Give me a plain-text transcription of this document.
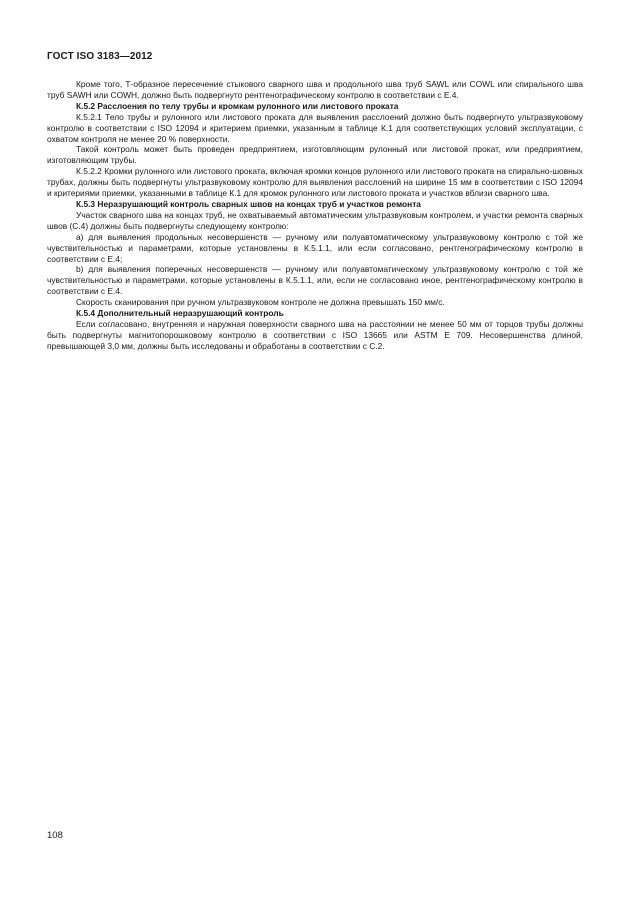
ГОСТ ISO 3183—2012

Кроме того, Т-образное пересечение стыкового сварного шва и продольного шва труб SAWL или COWL или спирального шва труб SAWH или COWH, должно быть подвергнуто рентгенографическому контролю в соответствии с Е.4.

К.5.2 Расслоения по телу трубы и кромкам рулонного или листового проката

К.5.2.1 Тело трубы и рулонного или листового проката для выявления расслоений должно быть подвергнуто ультразвуковому контролю в соответствии с ISO 12094 и критерием приемки, указанным в таблице К.1 для соответствующих условий эксплуатации, с охватом контроля не менее 20 % поверхности.

Такой контроль может быть проведен предприятием, изготовляющим рулонный или листовой прокат, или предприятием, изготовляющим трубы.

К.5.2.2 Кромки рулонного или листового проката, включая кромки концов рулонного или листового проката на спирально-шовных трубах, должны быть подвергнуты ультразвуковому контролю для выявления расслоений на ширине 15 мм в соответствии с ISO 12094 и критериями приемки, указанными в таблице К.1 для кромок рулонного или листового проката и участков вблизи сварного шва.

К.5.3 Неразрушающий контроль сварных швов на концах труб и участков ремонта

Участок сварного шва на концах труб, не охватываемый автоматическим ультразвуковым контролем, и участки ремонта сварных швов (С.4) должны быть подвергнуты следующему контролю:

а) для выявления продольных несовершенств — ручному или полуавтоматическому ультразвуковому контролю с той же чувствительностью и параметрами, которые установлены в К.5.1.1, или если согласовано, рентгенографическому контролю в соответствии с Е.4;

b) для выявления поперечных несовершенств — ручному или полуавтоматическому ультразвуковому контролю с той же чувствительностью и параметрами, которые установлены в К.5.1.1, или, если не согласовано иное, рентгенографическому контролю в соответствии с Е.4.

Скорость сканирования при ручном ультразвуковом контроле не должна превышать 150 мм/с.

К.5.4 Дополнительный неразрушающий контроль

Если согласовано, внутренняя и наружная поверхности сварного шва на расстоянии не менее 50 мм от торцов трубы должны быть подвергнуты магнитопорошковому контролю в соответствии с ISO 13665 или ASTM E 709. Несовершенства длиной, превышающей 3,0 мм, должны быть исследованы и обработаны в соответствии с С.2.

108
